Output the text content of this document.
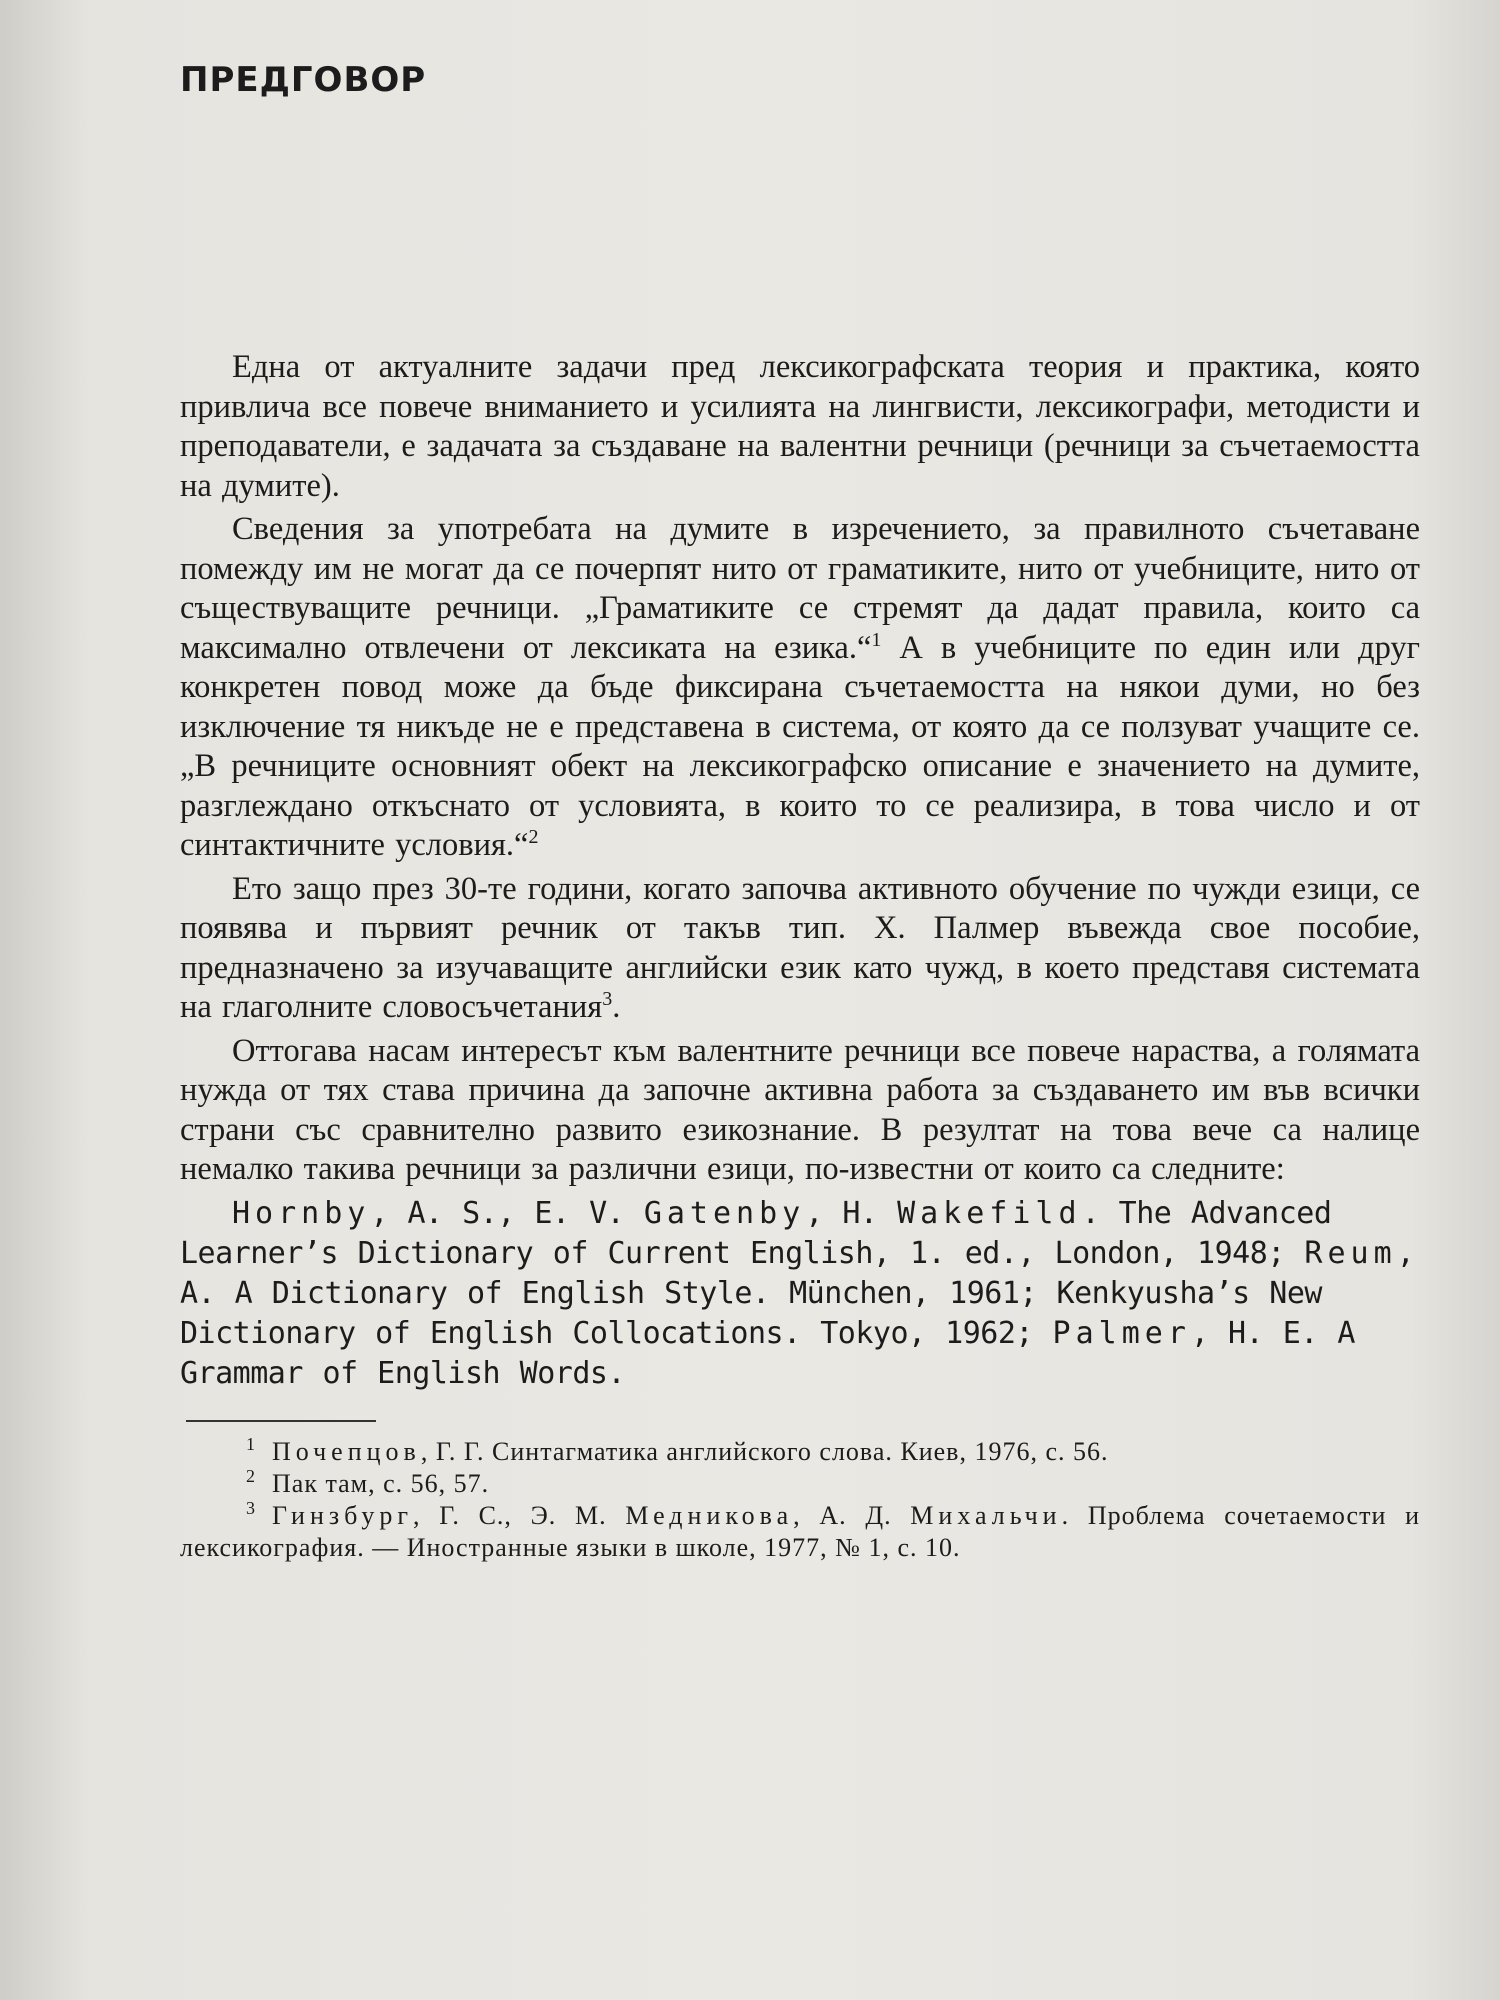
ПРЕДГОВОР

Една от актуалните задачи пред лексикографската теория и практика, която привлича все повече вниманието и усилията на лингвисти, лексикографи, методисти и преподаватели, е задачата за създаване на валентни речници (речници за съчетаемостта на думите).

Сведения за употребата на думите в изречението, за правилното съчетаване помежду им не могат да се почерпят нито от граматиките, нито от учебниците, нито от съществуващите речници. „Граматиките се стремят да дадат правила, които са максимално отвлечени от лексиката на езика.“$^1$ А в учебниците по един или друг конкретен повод може да бъде фиксирана съчетаемостта на някои думи, но без изключение тя никъде не е представена в система, от която да се ползуват учащите се. „В речниците основният обект на лексикографско описание е значението на думите, разглеждано откъснато от условията, в които то се реализира, в това число и от синтактичните условия.“$^2$

Ето защо през 30-те години, когато започва активното обучение по чужди езици, се появява и първият речник от такъв тип. Х. Палмер въвежда свое пособие, предназначено за изучаващите английски език като чужд, в което представя системата на глаголните словосъчетания$^3$.

Оттогава насам интересът към валентните речници все повече нараства, а голямата нужда от тях става причина да започне активна работа за създаването им във всички страни със сравнително развито езикознание. В резултат на това вече са налице немалко такива речници за различни езици, по-известни от които са следните:

Hornby, A. S., E. V. Gatenby, H. Wakefild. The Advanced Learner’s Dictionary of Current English, 1. ed., London, 1948; Reum, A. A Dictionary of English Style. München, 1961; Kenkyusha’s New Dictionary of English Collocations. Tokyo, 1962; Palmer, H. E. A Grammar of English Words.

1 Почепцов, Г. Г. Синтагматика английского слова. Киев, 1976, с. 56.

2 Пак там, с. 56, 57.

3 Гинзбург, Г. С., Э. М. Медникова, А. Д. Михальчи. Проблема сочетаемости и лексикография. — Иностранные языки в школе, 1977, № 1, с. 10.
